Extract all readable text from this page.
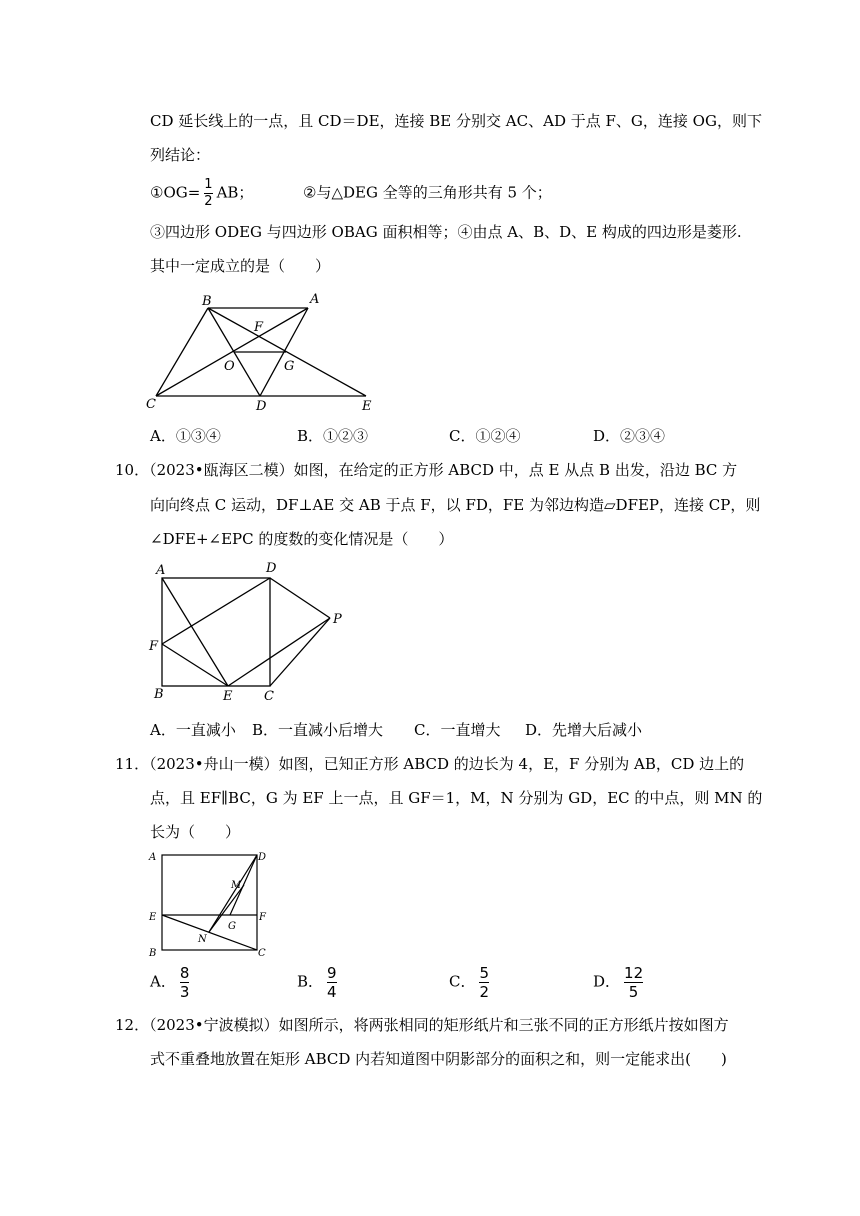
CD 延长线上的一点，且 CD＝DE，连接 BE 分别交 AC、AD 于点 F、G，连接 OG，则下
列结论：
①OG= $\frac{1}{2}$ AB；	②与△DEG 全等的三角形共有 5 个；
③四边形 ODEG 与四边形 OBAG 面积相等；④由点 A、B、D、E 构成的四边形是菱形.
其中一定成立的是（　　）
B	A
F
O	G
C	D	E
A．①③④	B．①②③	C．①②④	D．②③④
10．（2023•瓯海区二模）如图，在给定的正方形 ABCD 中，点 E 从点 B 出发，沿边 BC 方
向向终点 C 运动，DF⊥AE 交 AB 于点 F，以 FD，FE 为邻边构造▱DFEP，连接 CP，则
∠DFE+∠EPC 的度数的变化情况是（　　）
A	D
P
F
B	E C
A．一直减小 B．一直减小后增大 C．一直增大 D．先增大后减小
11．（2023•舟山一模）如图，已知正方形 ABCD 的边长为 4，E，F 分别为 AB，CD 边上的
点，且 EF∥BC，G 为 EF 上一点，且 GF＝1，M，N 分别为 GD，EC 的中点，则 MN 的
长为（　　）
A	D
M
E	F
G
N
B	C
A． $\frac{8}{3}$	B． $\frac{9}{4}$	C． $\frac{5}{2}$	D． $\frac{12}{5}$
12．（2023•宁波模拟）如图所示，将两张相同的矩形纸片和三张不同的正方形纸片按如图方
式不重叠地放置在矩形 ABCD 内若知道图中阴影部分的面积之和，则一定能求出(　　)
